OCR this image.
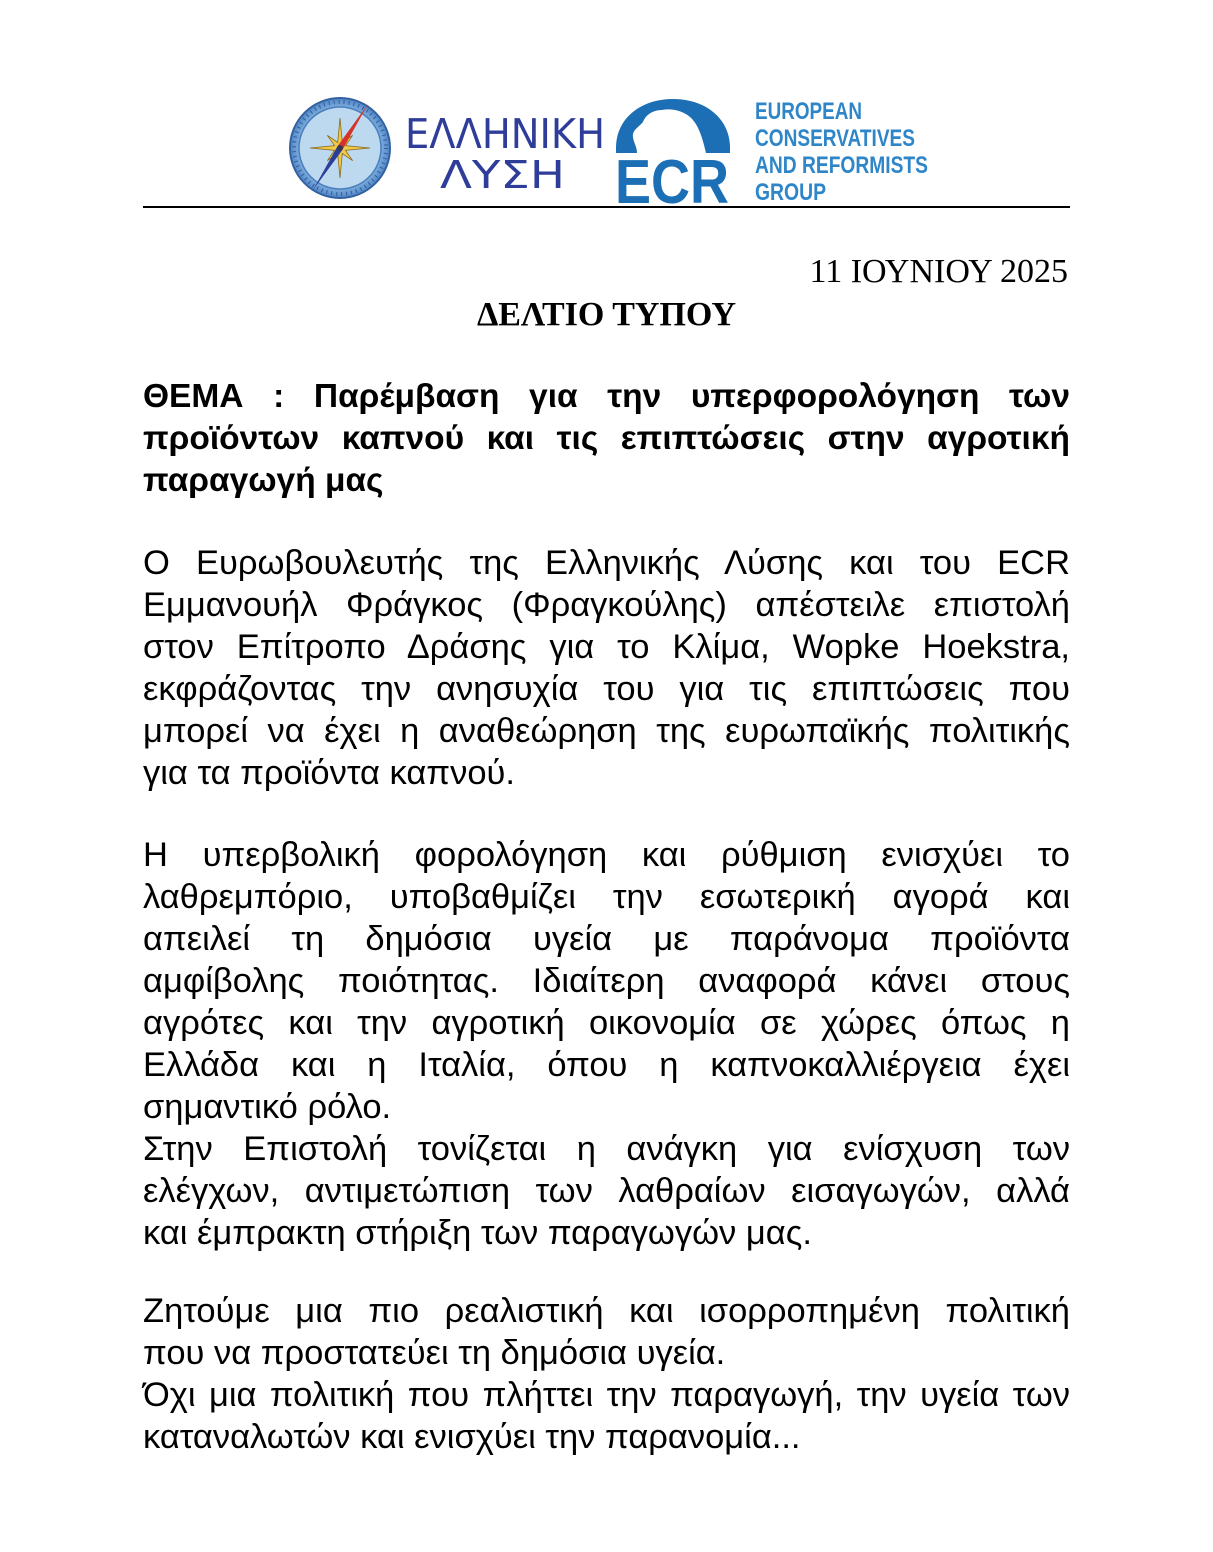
ΕΛΛΗΝΙΚΗ
ΛΥΣΗ ECR
EUROPEAN
CONSERVATIVES
AND REFORMISTS
GROUP
11 ΙΟΥΝΙΟΥ 2025
ΔΕΛΤΙΟ ΤΥΠΟΥ
ΘΕΜΑ : Παρέμβαση για την υπερφορολόγηση των
προϊόντων καπνού και τις επιπτώσεις στην αγροτική
παραγωγή μας
Ο Ευρωβουλευτής της Ελληνικής Λύσης και του ECR
Εμμανουήλ Φράγκος (Φραγκούλης) απέστειλε επιστολή
στον Επίτροπο Δράσης για το Κλίμα, Wopke Hoekstra,
εκφράζοντας την ανησυχία του για τις επιπτώσεις που
μπορεί να έχει η αναθεώρηση της ευρωπαϊκής πολιτικής
για τα προϊόντα καπνού.
Η υπερβολική φορολόγηση και ρύθμιση ενισχύει το
λαθρεμπόριο, υποβαθμίζει την εσωτερική αγορά και
απειλεί τη δημόσια υγεία με παράνομα προϊόντα
αμφίβολης ποιότητας. Ιδιαίτερη αναφορά κάνει στους
αγρότες και την αγροτική οικονομία σε χώρες όπως η
Ελλάδα και η Ιταλία, όπου η καπνοκαλλιέργεια έχει
σημαντικό ρόλο.
Στην Επιστολή τονίζεται η ανάγκη για ενίσχυση των
ελέγχων, αντιμετώπιση των λαθραίων εισαγωγών, αλλά
και έμπρακτη στήριξη των παραγωγών μας.
Ζητούμε μια πιο ρεαλιστική και ισορροπημένη πολιτική
που να προστατεύει τη δημόσια υγεία.
Όχι μια πολιτική που πλήττει την παραγωγή, την υγεία των
καταναλωτών και ενισχύει την παρανομία...
